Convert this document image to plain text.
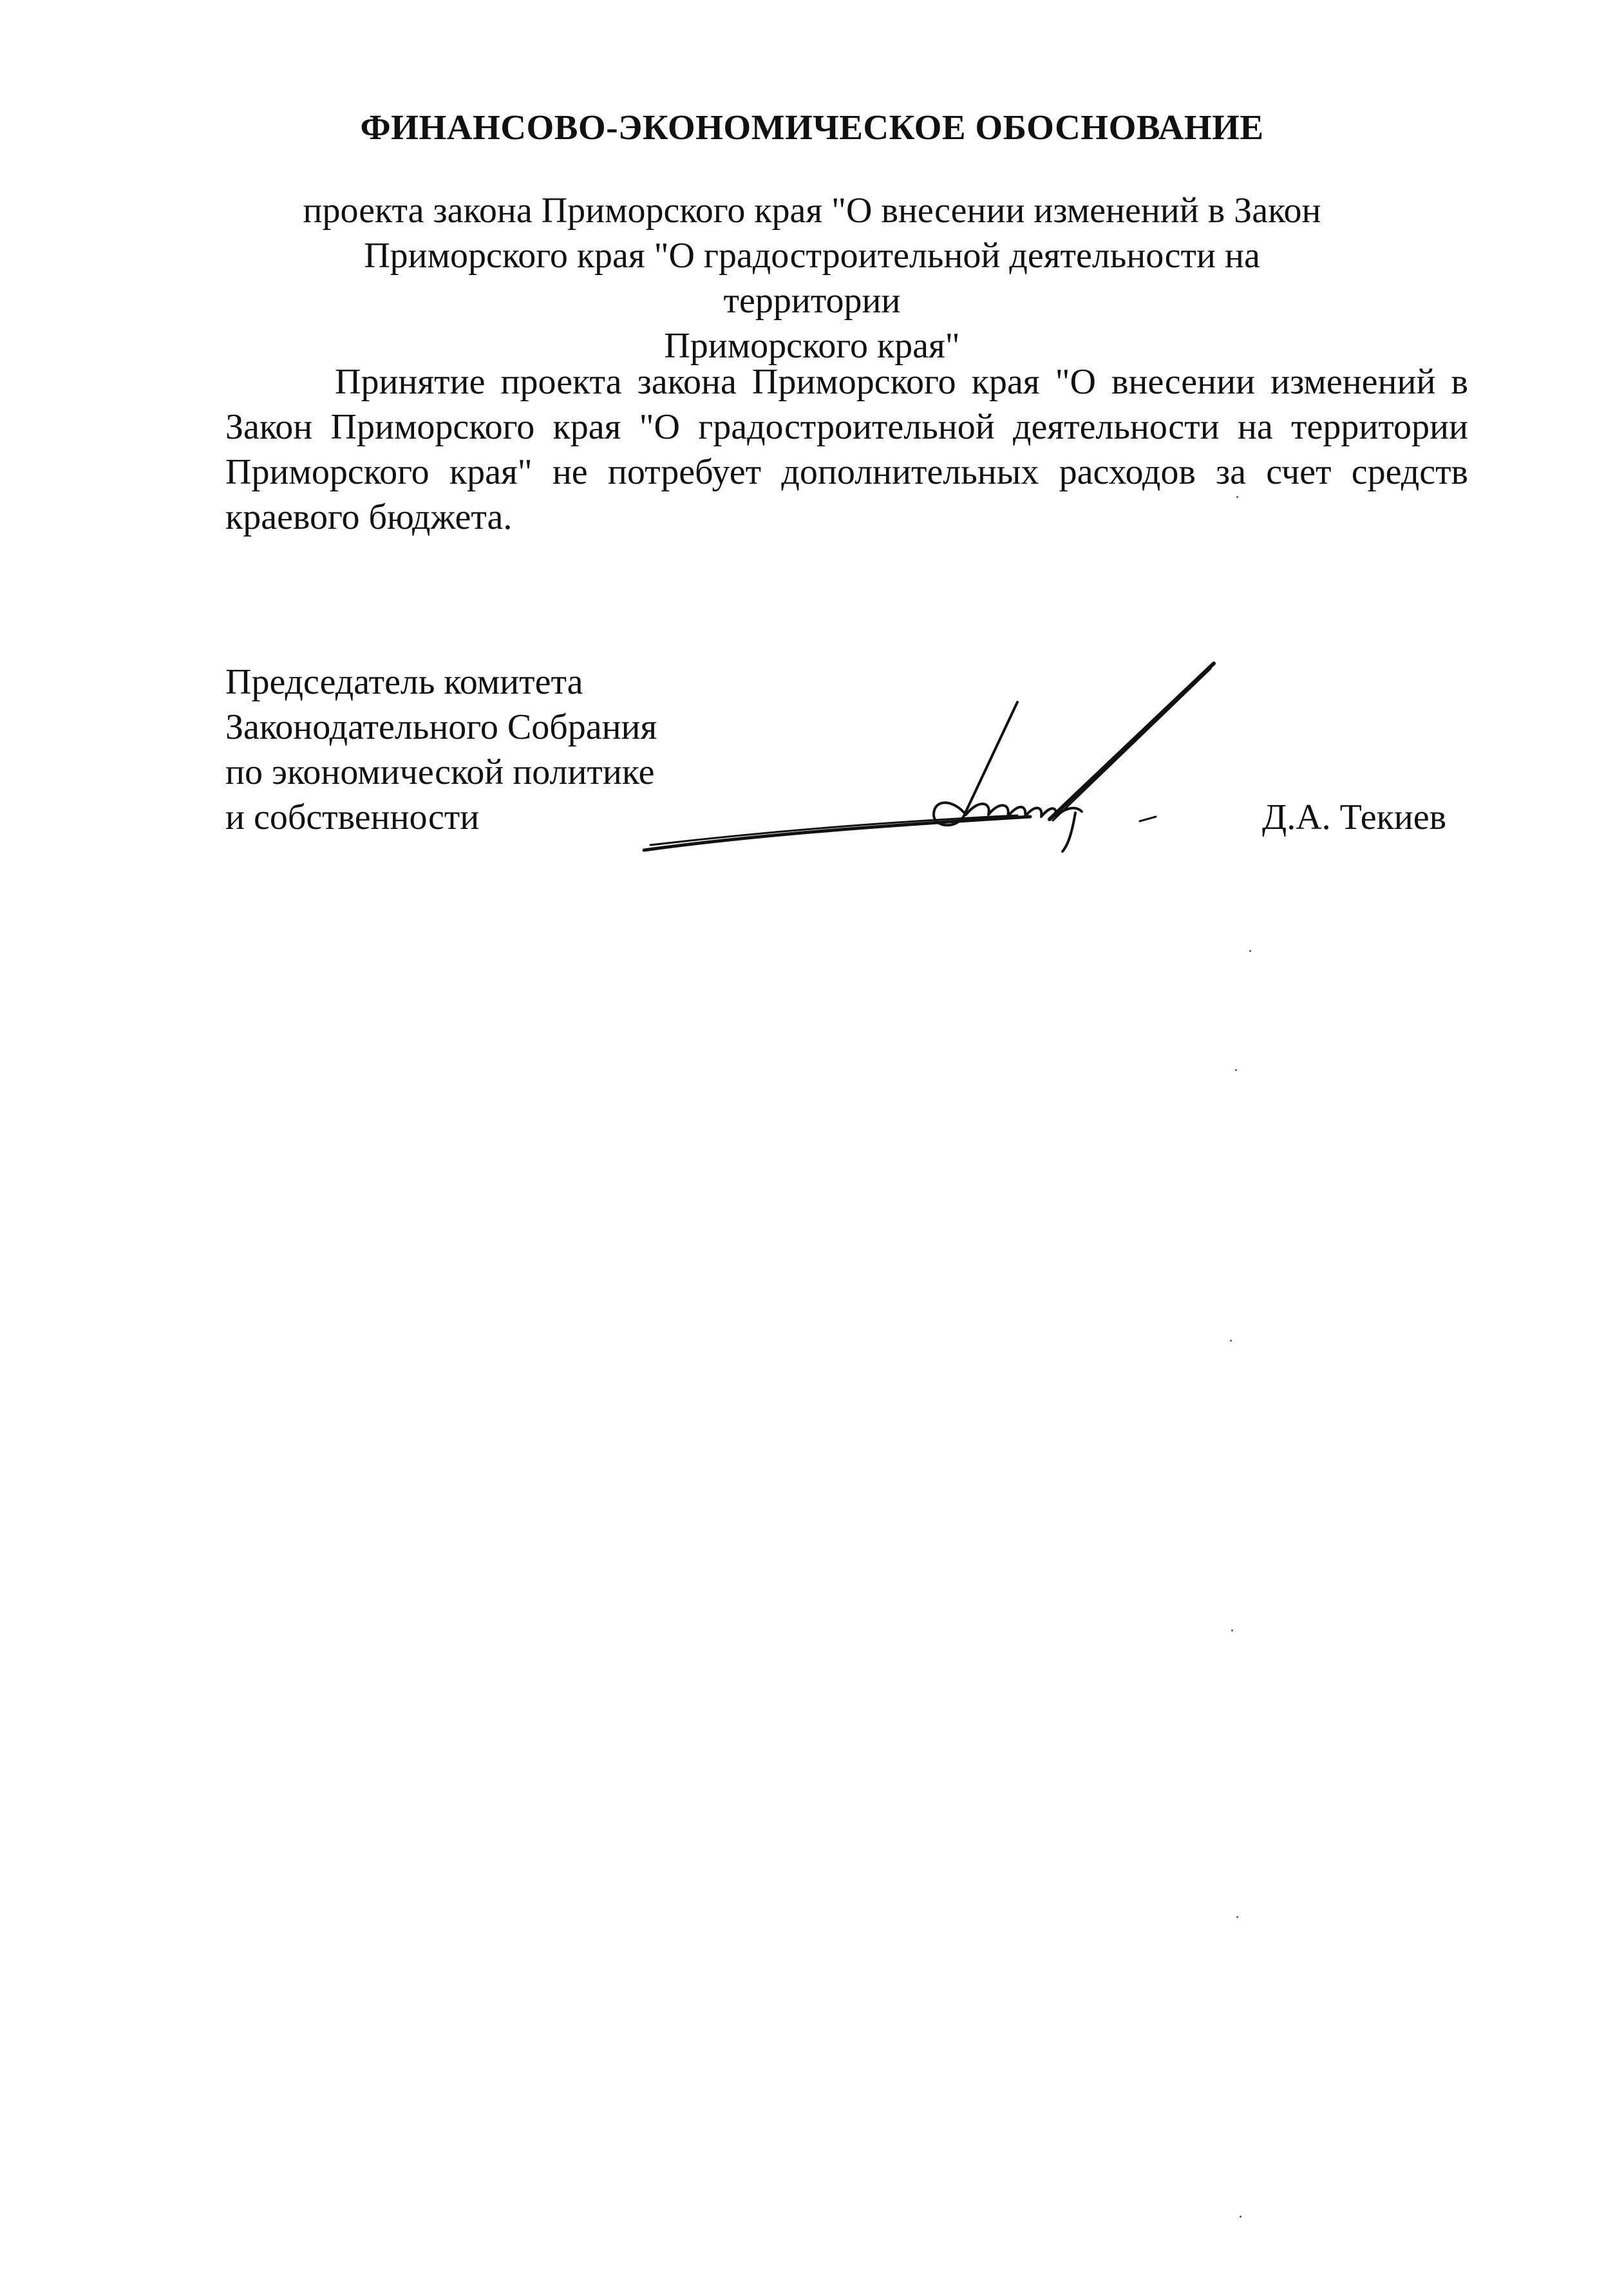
ФИНАНСОВО-ЭКОНОМИЧЕСКОЕ ОБОСНОВАНИЕ
проекта закона Приморского края "О внесении изменений в Закон
Приморского края "О градостроительной деятельности на территории
Приморского края"

Принятие проекта закона Приморского края "О внесении изменений в Закон Приморского края "О градостроительной деятельности на территории Приморского края" не потребует дополнительных расходов за счет средств краевого бюджета.

Председатель комитета
Законодательного Собрания
по экономической политике
и собственности	Д.А. Текиев
